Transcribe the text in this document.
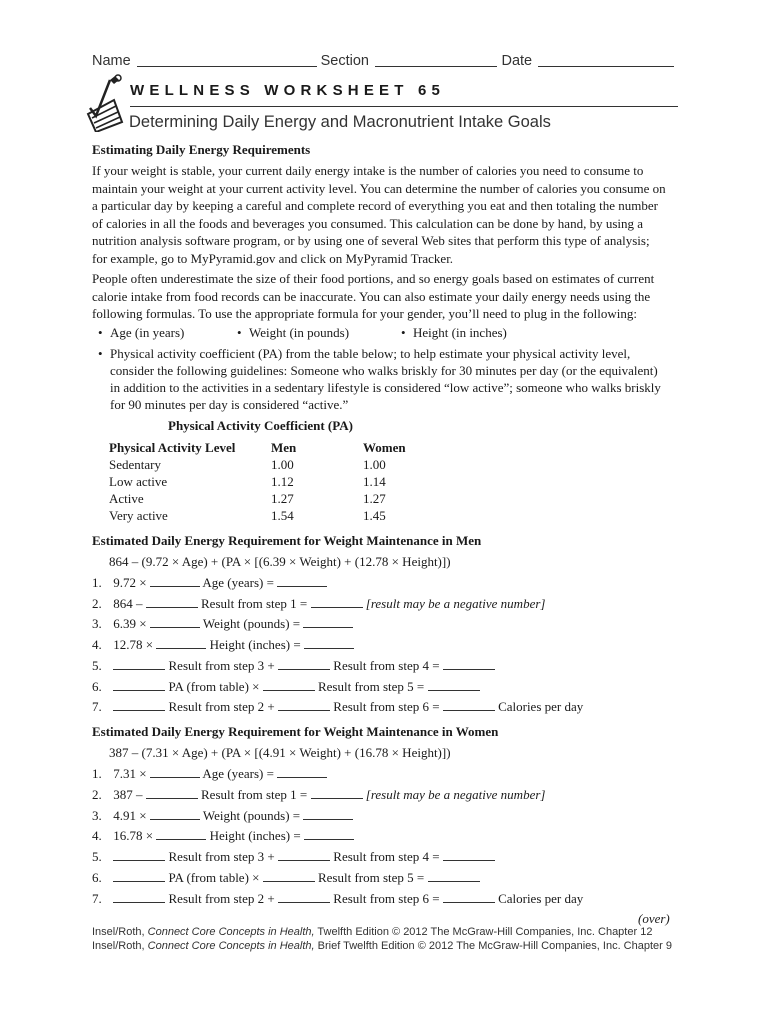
Name	Section	Date
WELLNESS WORKSHEET 65
Determining Daily Energy and Macronutrient Intake Goals
Estimating Daily Energy Requirements
If your weight is stable, your current daily energy intake is the number of calories you need to consume to
maintain your weight at your current activity level. You can determine the number of calories you consume on
a particular day by keeping a careful and complete record of everything you eat and then totaling the number
of calories in all the foods and beverages you consumed. This calculation can be done by hand, by using a
nutrition analysis software program, or by using one of several Web sites that perform this type of analysis;
for example, go to MyPyramid.gov and click on MyPyramid Tracker.
People often underestimate the size of their food portions, and so energy goals based on estimates of current
calorie intake from food records can be inaccurate. You can also estimate your daily energy needs using the
following formulas. To use the appropriate formula for your gender, you’ll need to plug in the following:
• Age (in years)	• Weight (in pounds)	• Height (in inches)
• Physical activity coefficient (PA) from the table below; to help estimate your physical activity level,
consider the following guidelines: Someone who walks briskly for 30 minutes per day (or the equivalent)
in addition to the activities in a sedentary lifestyle is considered “low active”; someone who walks briskly
for 90 minutes per day is considered “active.”
Physical Activity Coefficient (PA)
Physical Activity Level	Men	Women
Sedentary	1.00	1.00
Low active	1.12	1.14
Active	1.27	1.27
Very active	1.54	1.45
Estimated Daily Energy Requirement for Weight Maintenance in Men
864 – (9.72 × Age) + (PA × [(6.39 × Weight) + (12.78 × Height)])
1. 9.72 ×	Age (years) =
2. 864 –	Result from step 1 =	[result may be a negative number]
3. 6.39 ×	Weight (pounds) =
4. 12.78 ×	Height (inches) =
5.	Result from step 3 +	Result from step 4 =
6.	PA (from table) ×	Result from step 5 =
7.	Result from step 2 +	Result from step 6 =	Calories per day
Estimated Daily Energy Requirement for Weight Maintenance in Women
387 – (7.31 × Age) + (PA × [(4.91 × Weight) + (16.78 × Height)])
1. 7.31 ×	Age (years) =
2. 387 –	Result from step 1 =	[result may be a negative number]
3. 4.91 ×	Weight (pounds) =
4. 16.78 ×	Height (inches) =
5.	Result from step 3 +	Result from step 4 =
6.	PA (from table) ×	Result from step 5 =
7.	Result from step 2 +	Result from step 6 =	Calories per day
(over)
Insel/Roth, Connect Core Concepts in Health, Twelfth Edition © 2012 The McGraw-Hill Companies, Inc. Chapter 12
Insel/Roth, Connect Core Concepts in Health, Brief Twelfth Edition © 2012 The McGraw-Hill Companies, Inc. Chapter 9
